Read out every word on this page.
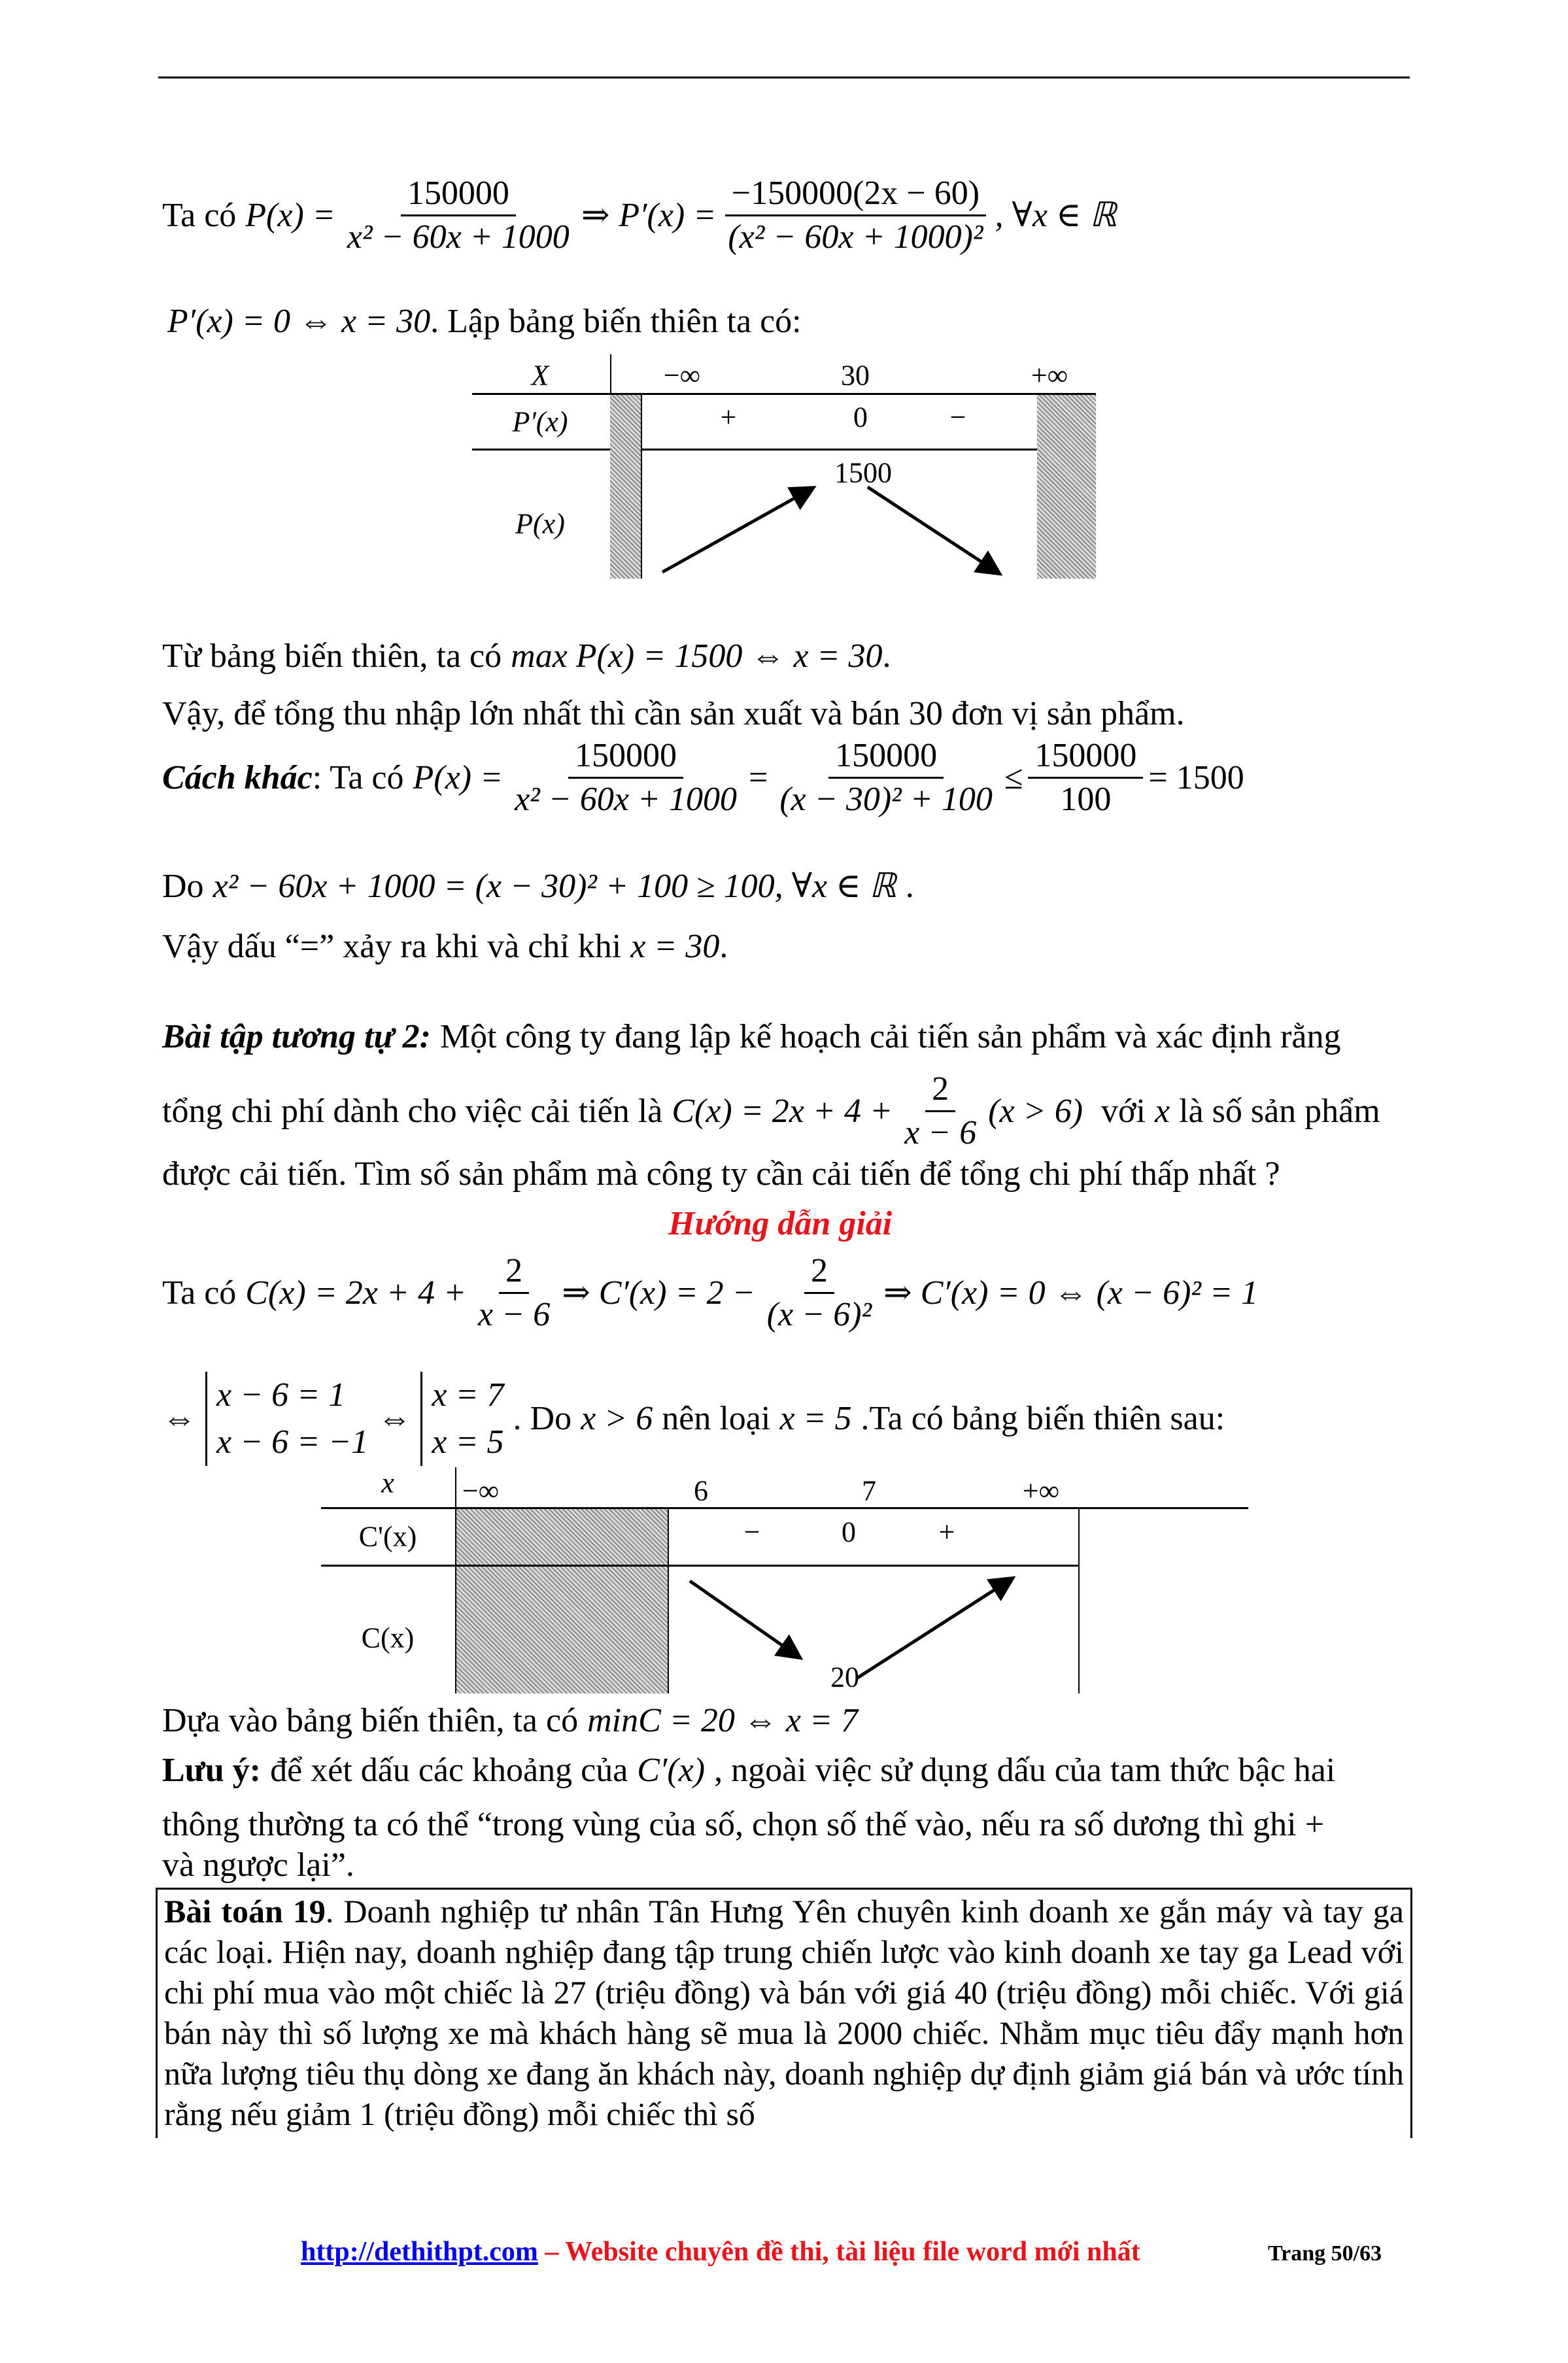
Ta có $P(x) = \frac{150000}{\text{x² − 60x + 1000}}$ ⇒ $P'(x) = \frac{-150000(2x - 60)}{\text{(x² − 60x + 1000)²}}$ , ∀x ∈ ℝ
P′(x) = 0 ⇔ x = 30 . Lập bảng biến thiên ta có:
X	−∞	30	+∞
P'(x)	+	0	−
P(x)
1500
Từ bảng biến thiên, ta có max P(x) = 1500 ⇔ x = 30 .
Vậy, để tổng thu nhập lớn nhất thì cần sản xuất và bán 30 đơn vị sản phẩm.
Cách khác : Ta có $P(x) = \frac{150000}{\text{x² − 60x + 1000}} = \frac{150000}{\text{(x − 30)² + 100}} \le \frac{150000}{100} = 1500$
Do x² − 60x + 1000 = (x − 30)² + 100 ≥ 100, ∀x ∈ ℝ .
Vậy dấu “=” xảy ra khi và chỉ khi x = 30 .
Bài tập tương tự 2: Một công ty đang lập kế hoạch cải tiến sản phẩm và xác định rằng
tổng chi phí dành cho việc cải tiến là $C(x) = 2x + 4 + \frac{2}{x - 6} (x > 6)$ với x là số sản phẩm
được cải tiến. Tìm số sản phẩm mà công ty cần cải tiến để tổng chi phí thấp nhất ?
Hướng dẫn giải
Ta có $C(x) = 2x + 4 + \frac{2}{x - 6}$ ⇒ $C'(x) = 2 - \frac{2}{\text{(x − 6)²}}$ ⇒ C′(x) = 0 ⇔ (x − 6)² = 1
⇔
x − 6 = 1
x − 6 = −1
⇔
x = 7
x = 5
. Do x > 6 nên loại x = 5 .Ta có bảng biến thiên sau:
x −∞	6	7	+∞
C'(x)	−	0	+
C(x)
20
Dựa vào bảng biến thiên, ta có minC = 20 ⇔ x = 7
Lưu ý: để xét dấu các khoảng của C′(x) , ngoài việc sử dụng dấu của tam thức bậc hai
thông thường ta có thể “trong vùng của số, chọn số thế vào, nếu ra số dương thì ghi +
và ngược lại”.
Bài toán 19. Doanh nghiệp tư nhân Tân Hưng Yên chuyên kinh doanh xe gắn máy và tay ga các loại. Hiện nay, doanh nghiệp đang tập trung chiến lược vào kinh doanh xe tay ga Lead với chi phí mua vào một chiếc là 27 (triệu đồng) và bán với giá 40 (triệu đồng) mỗi chiếc. Với giá bán này thì số lượng xe mà khách hàng sẽ mua là 2000 chiếc. Nhằm mục tiêu đẩy mạnh hơn nữa lượng tiêu thụ dòng xe đang ăn khách này, doanh nghiệp dự định giảm giá bán và ước tính rằng nếu giảm 1 (triệu đồng) mỗi chiếc thì số
http://dethithpt.com – Website chuyên đề thi, tài liệu file word mới nhất	Trang 50/63
